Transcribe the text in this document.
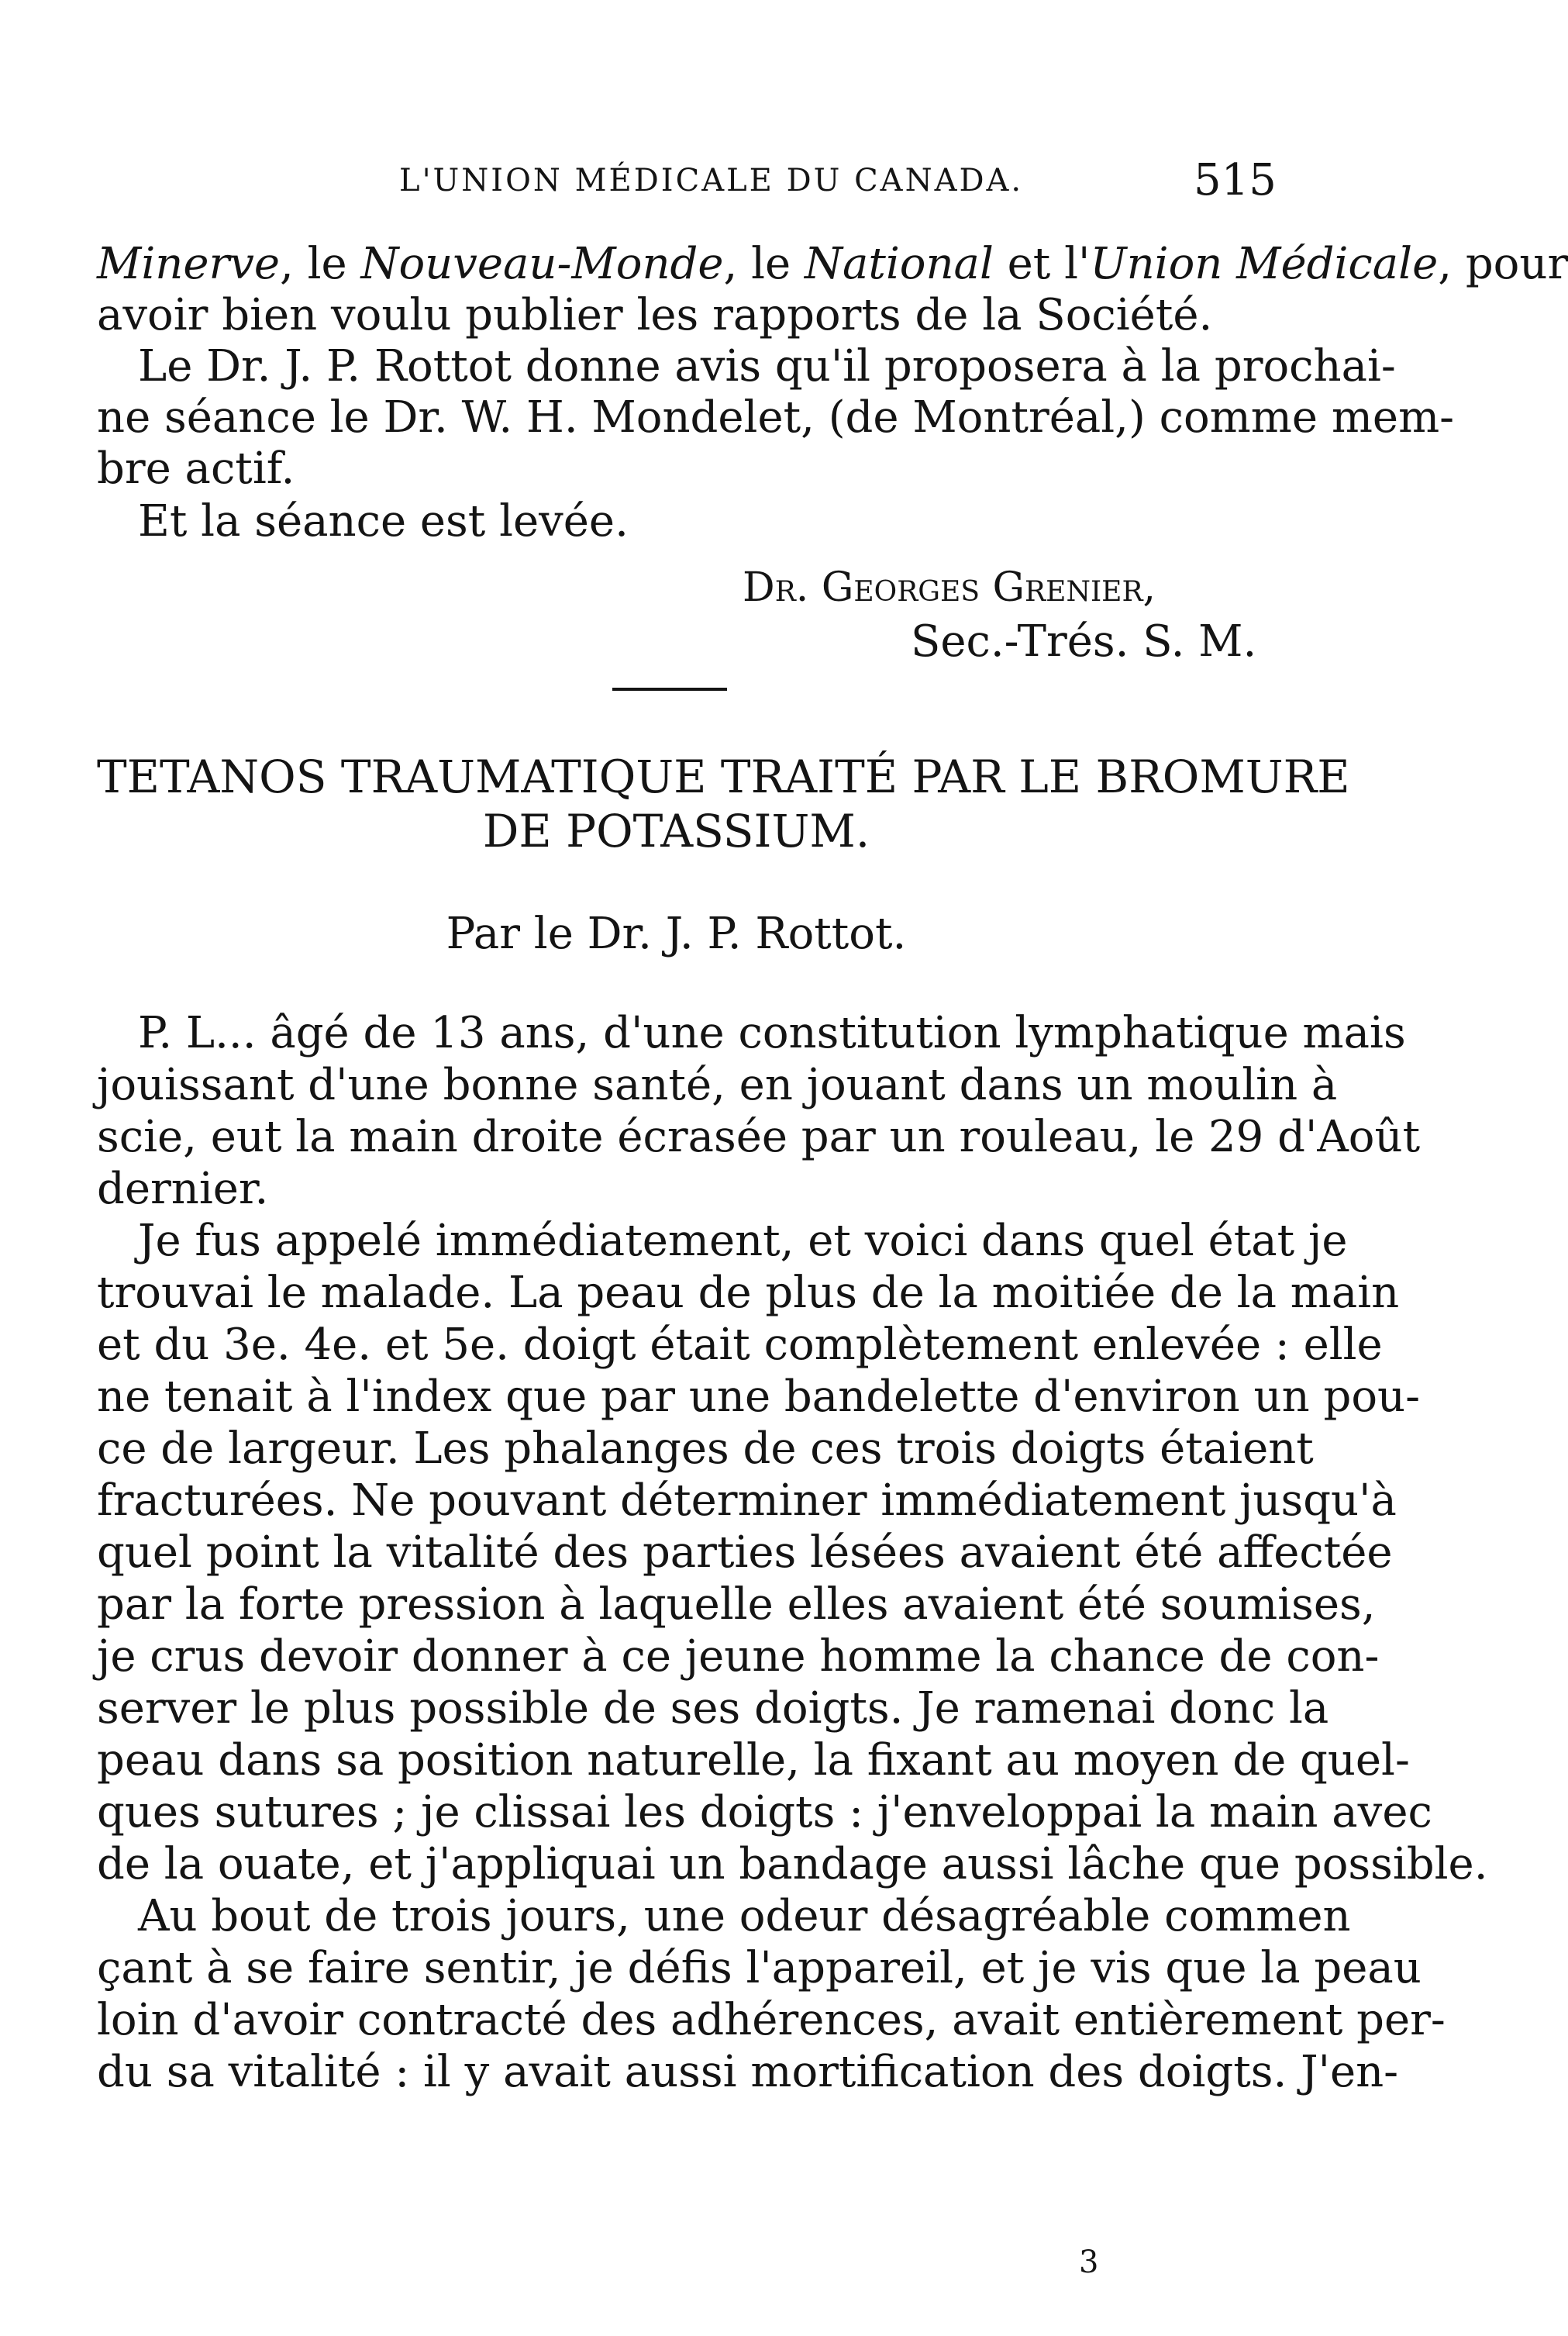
L'UNION MÉDICALE DU CANADA.	515
Minerve, le Nouveau-Monde, le National et l'Union Médicale, pour
avoir bien voulu publier les rapports de la Société.
Le Dr. J. P. Rottot donne avis qu'il proposera à la prochai-
ne séance le Dr. W. H. Mondelet, (de Montréal,) comme mem-
bre actif.
Et la séance est levée.
Dr. Georges Grenier,
Sec.-Trés. S. M.
TETANOS TRAUMATIQUE TRAITÉ PAR LE BROMURE
DE POTASSIUM.
Par le Dr. J. P. Rottot.
P. L... âgé de 13 ans, d'une constitution lymphatique mais
jouissant d'une bonne santé, en jouant dans un moulin à
scie, eut la main droite écrasée par un rouleau, le 29 d'Août
dernier.
Je fus appelé immédiatement, et voici dans quel état je
trouvai le malade. La peau de plus de la moitiée de la main
et du 3e. 4e. et 5e. doigt était complètement enlevée : elle
ne tenait à l'index que par une bandelette d'environ un pou-
ce de largeur. Les phalanges de ces trois doigts étaient
fracturées. Ne pouvant déterminer immédiatement jusqu'à
quel point la vitalité des parties lésées avaient été affectée
par la forte pression à laquelle elles avaient été soumises,
je crus devoir donner à ce jeune homme la chance de con-
server le plus possible de ses doigts. Je ramenai donc la
peau dans sa position naturelle, la fixant au moyen de quel-
ques sutures ; je clissai les doigts : j'enveloppai la main avec
de la ouate, et j'appliquai un bandage aussi lâche que possible.
Au bout de trois jours, une odeur désagréable commen
çant à se faire sentir, je défis l'appareil, et je vis que la peau
loin d'avoir contracté des adhérences, avait entièrement per-
du sa vitalité : il y avait aussi mortification des doigts. J'en-
3
